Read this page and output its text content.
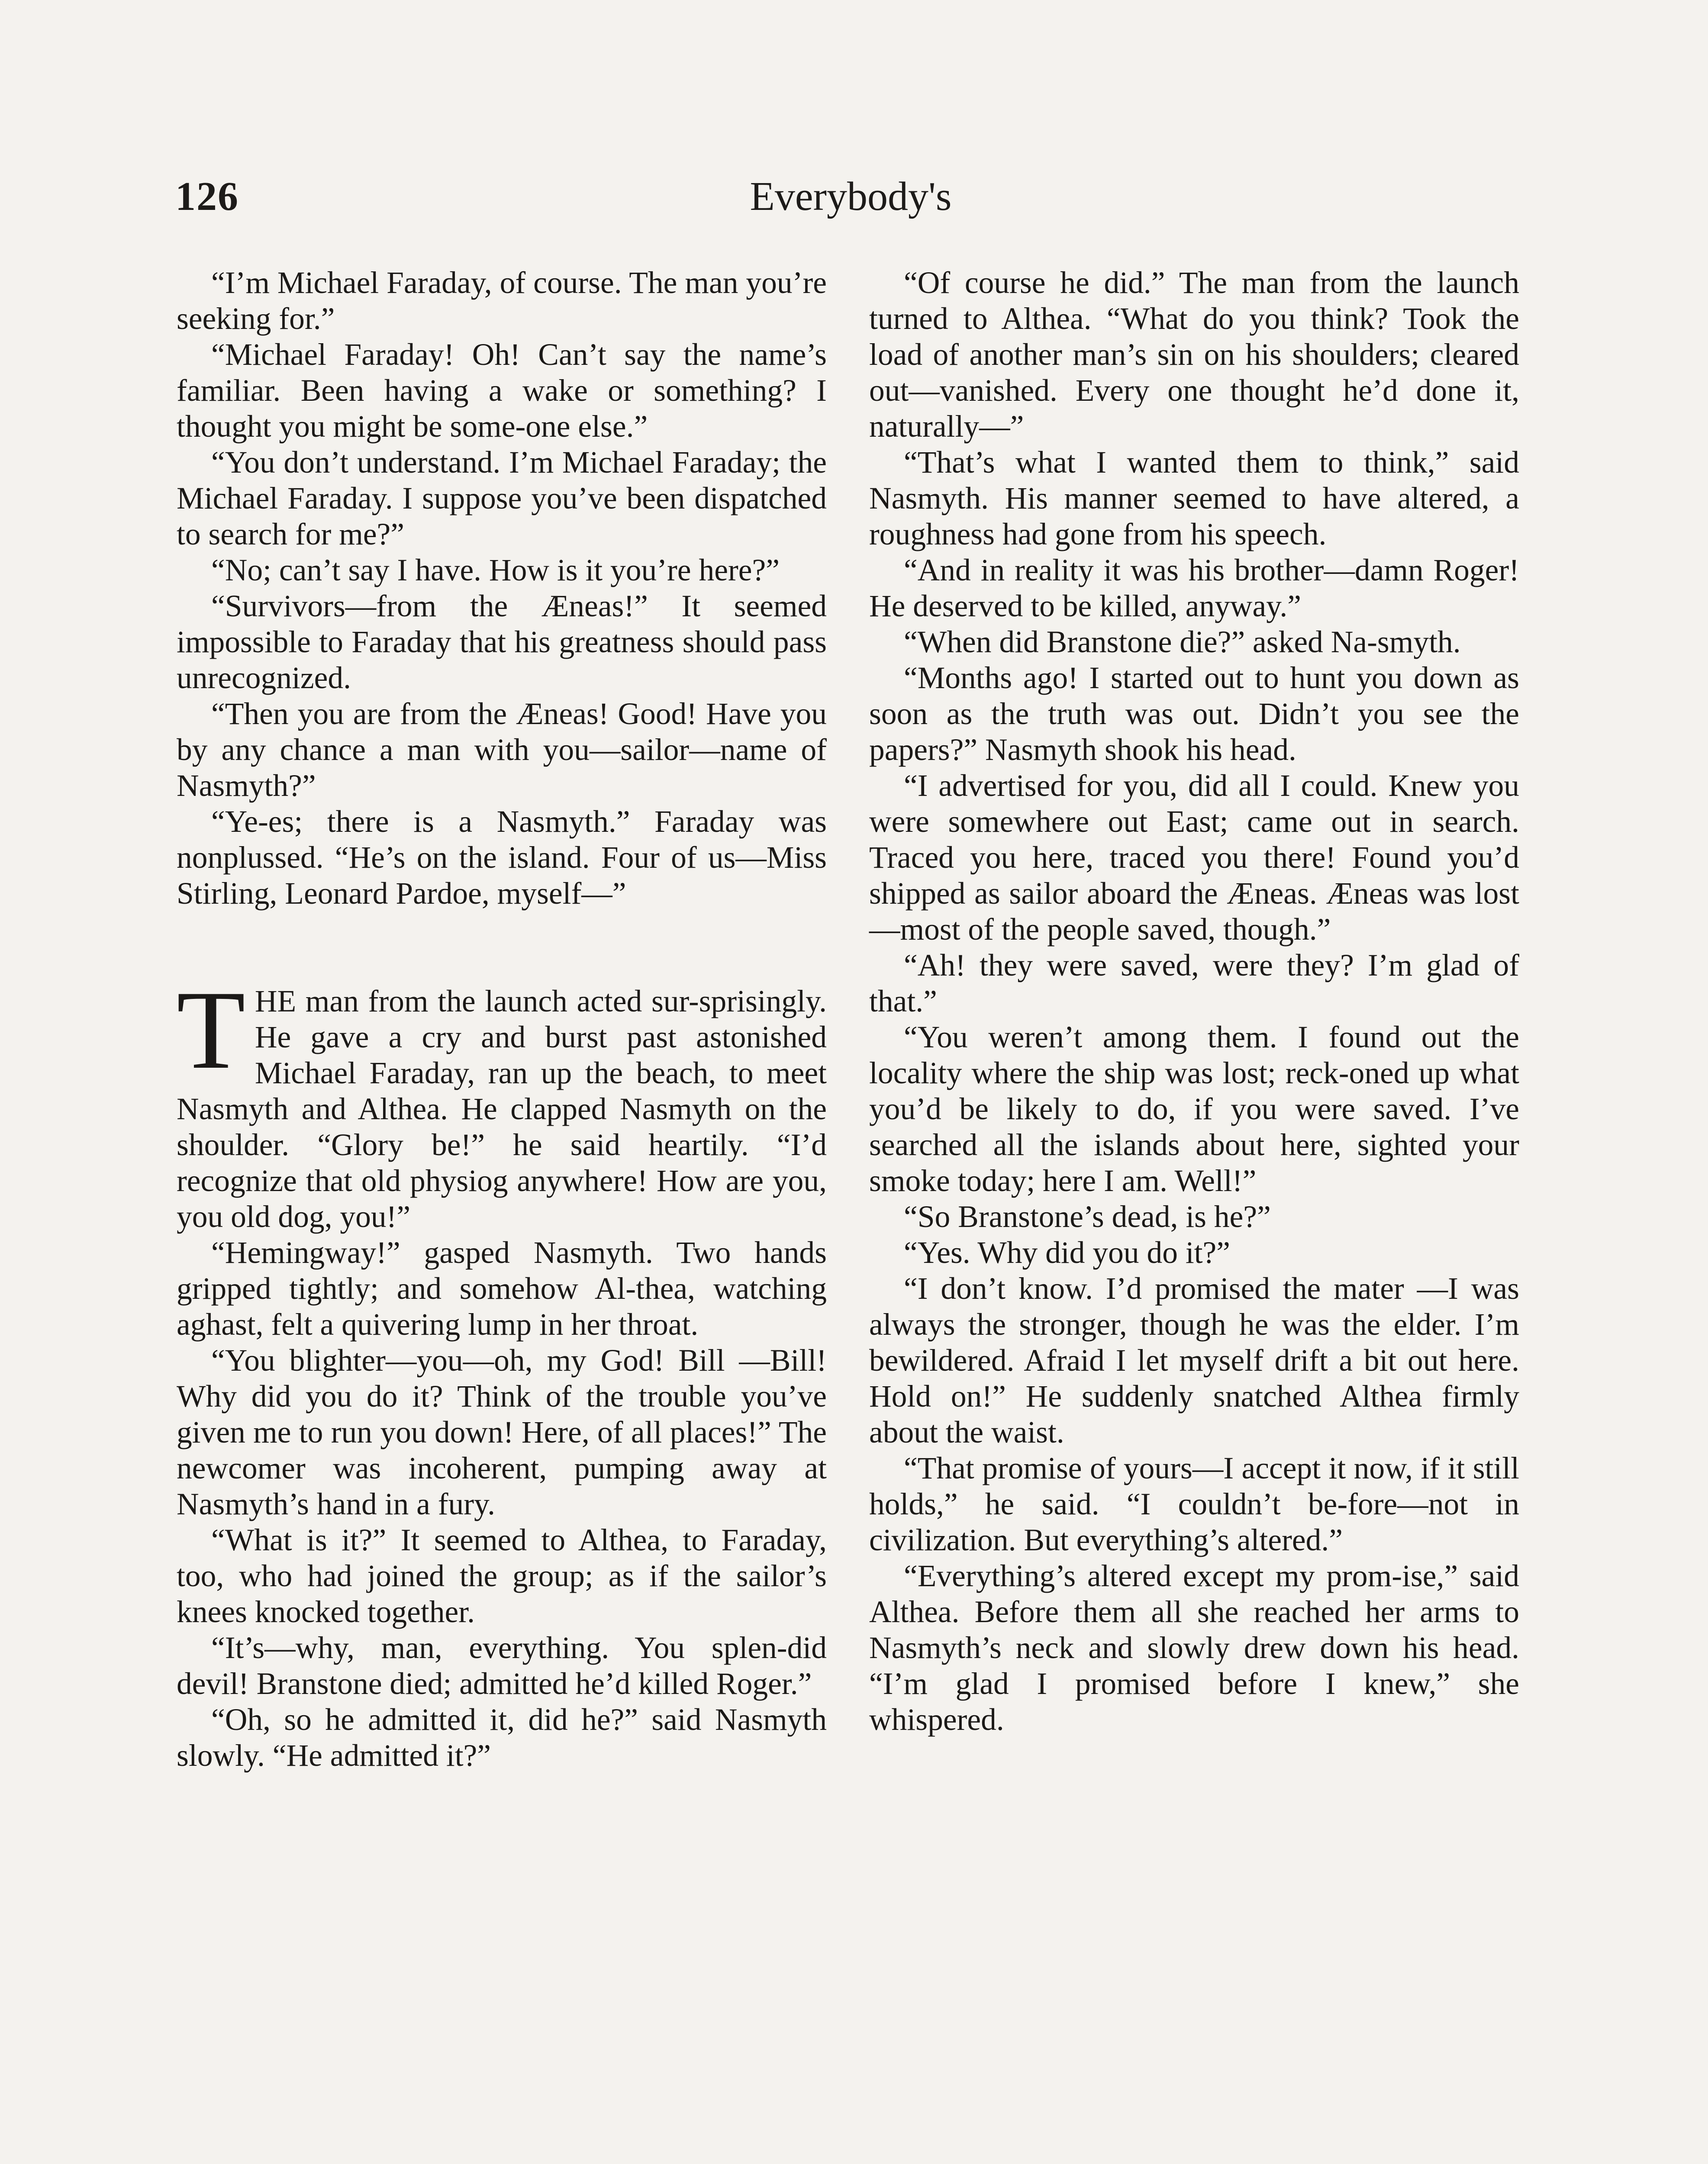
126	Everybody's

“I’m Michael Faraday, of course. The man you’re seeking for.”

“Michael Faraday! Oh! Can’t say the name’s familiar. Been having a wake or something? I thought you might be some-one else.”

“You don’t understand. I’m Michael Faraday; the Michael Faraday. I suppose you’ve been dispatched to search for me?”

“No; can’t say I have. How is it you’re here?”

“Survivors—from the Æneas!” It seemed impossible to Faraday that his greatness should pass unrecognized.

“Then you are from the Æneas! Good! Have you by any chance a man with you—sailor—name of Nasmyth?”

“Ye-es; there is a Nasmyth.” Faraday was nonplussed. “He’s on the island. Four of us—Miss Stirling, Leonard Pardoe, myself—”

THE man from the launch acted sur-sprisingly. He gave a cry and burst past astonished Michael Faraday, ran up the beach, to meet Nasmyth and Althea. He clapped Nasmyth on the shoulder. “Glory be!” he said heartily. “I’d recognize that old physiog anywhere! How are you, you old dog, you!”

“Hemingway!” gasped Nasmyth. Two hands gripped tightly; and somehow Al-thea, watching aghast, felt a quivering lump in her throat.

“You blighter—you—oh, my God! Bill —Bill! Why did you do it? Think of the trouble you’ve given me to run you down! Here, of all places!” The newcomer was incoherent, pumping away at Nasmyth’s hand in a fury.

“What is it?” It seemed to Althea, to Faraday, too, who had joined the group; as if the sailor’s knees knocked together.

“It’s—why, man, everything. You splen-did devil! Branstone died; admitted he’d killed Roger.”

“Oh, so he admitted it, did he?” said Nasmyth slowly. “He admitted it?”

“Of course he did.” The man from the launch turned to Althea. “What do you think? Took the load of another man’s sin on his shoulders; cleared out—vanished. Every one thought he’d done it, naturally—”

“That’s what I wanted them to think,” said Nasmyth. His manner seemed to have altered, a roughness had gone from his speech.

“And in reality it was his brother—damn Roger! He deserved to be killed, anyway.”

“When did Branstone die?” asked Na-smyth.

“Months ago! I started out to hunt you down as soon as the truth was out. Didn’t you see the papers?” Nasmyth shook his head.

“I advertised for you, did all I could. Knew you were somewhere out East; came out in search. Traced you here, traced you there! Found you’d shipped as sailor aboard the Æneas. Æneas was lost—most of the people saved, though.”

“Ah! they were saved, were they? I’m glad of that.”

“You weren’t among them. I found out the locality where the ship was lost; reck-oned up what you’d be likely to do, if you were saved. I’ve searched all the islands about here, sighted your smoke today; here I am. Well!”

“So Branstone’s dead, is he?”

“Yes. Why did you do it?”

“I don’t know. I’d promised the mater —I was always the stronger, though he was the elder. I’m bewildered. Afraid I let myself drift a bit out here. Hold on!” He suddenly snatched Althea firmly about the waist.

“That promise of yours—I accept it now, if it still holds,” he said. “I couldn’t be-fore—not in civilization. But everything’s altered.”

“Everything’s altered except my prom-ise,” said Althea. Before them all she reached her arms to Nasmyth’s neck and slowly drew down his head. “I’m glad I promised before I knew,” she whispered.
